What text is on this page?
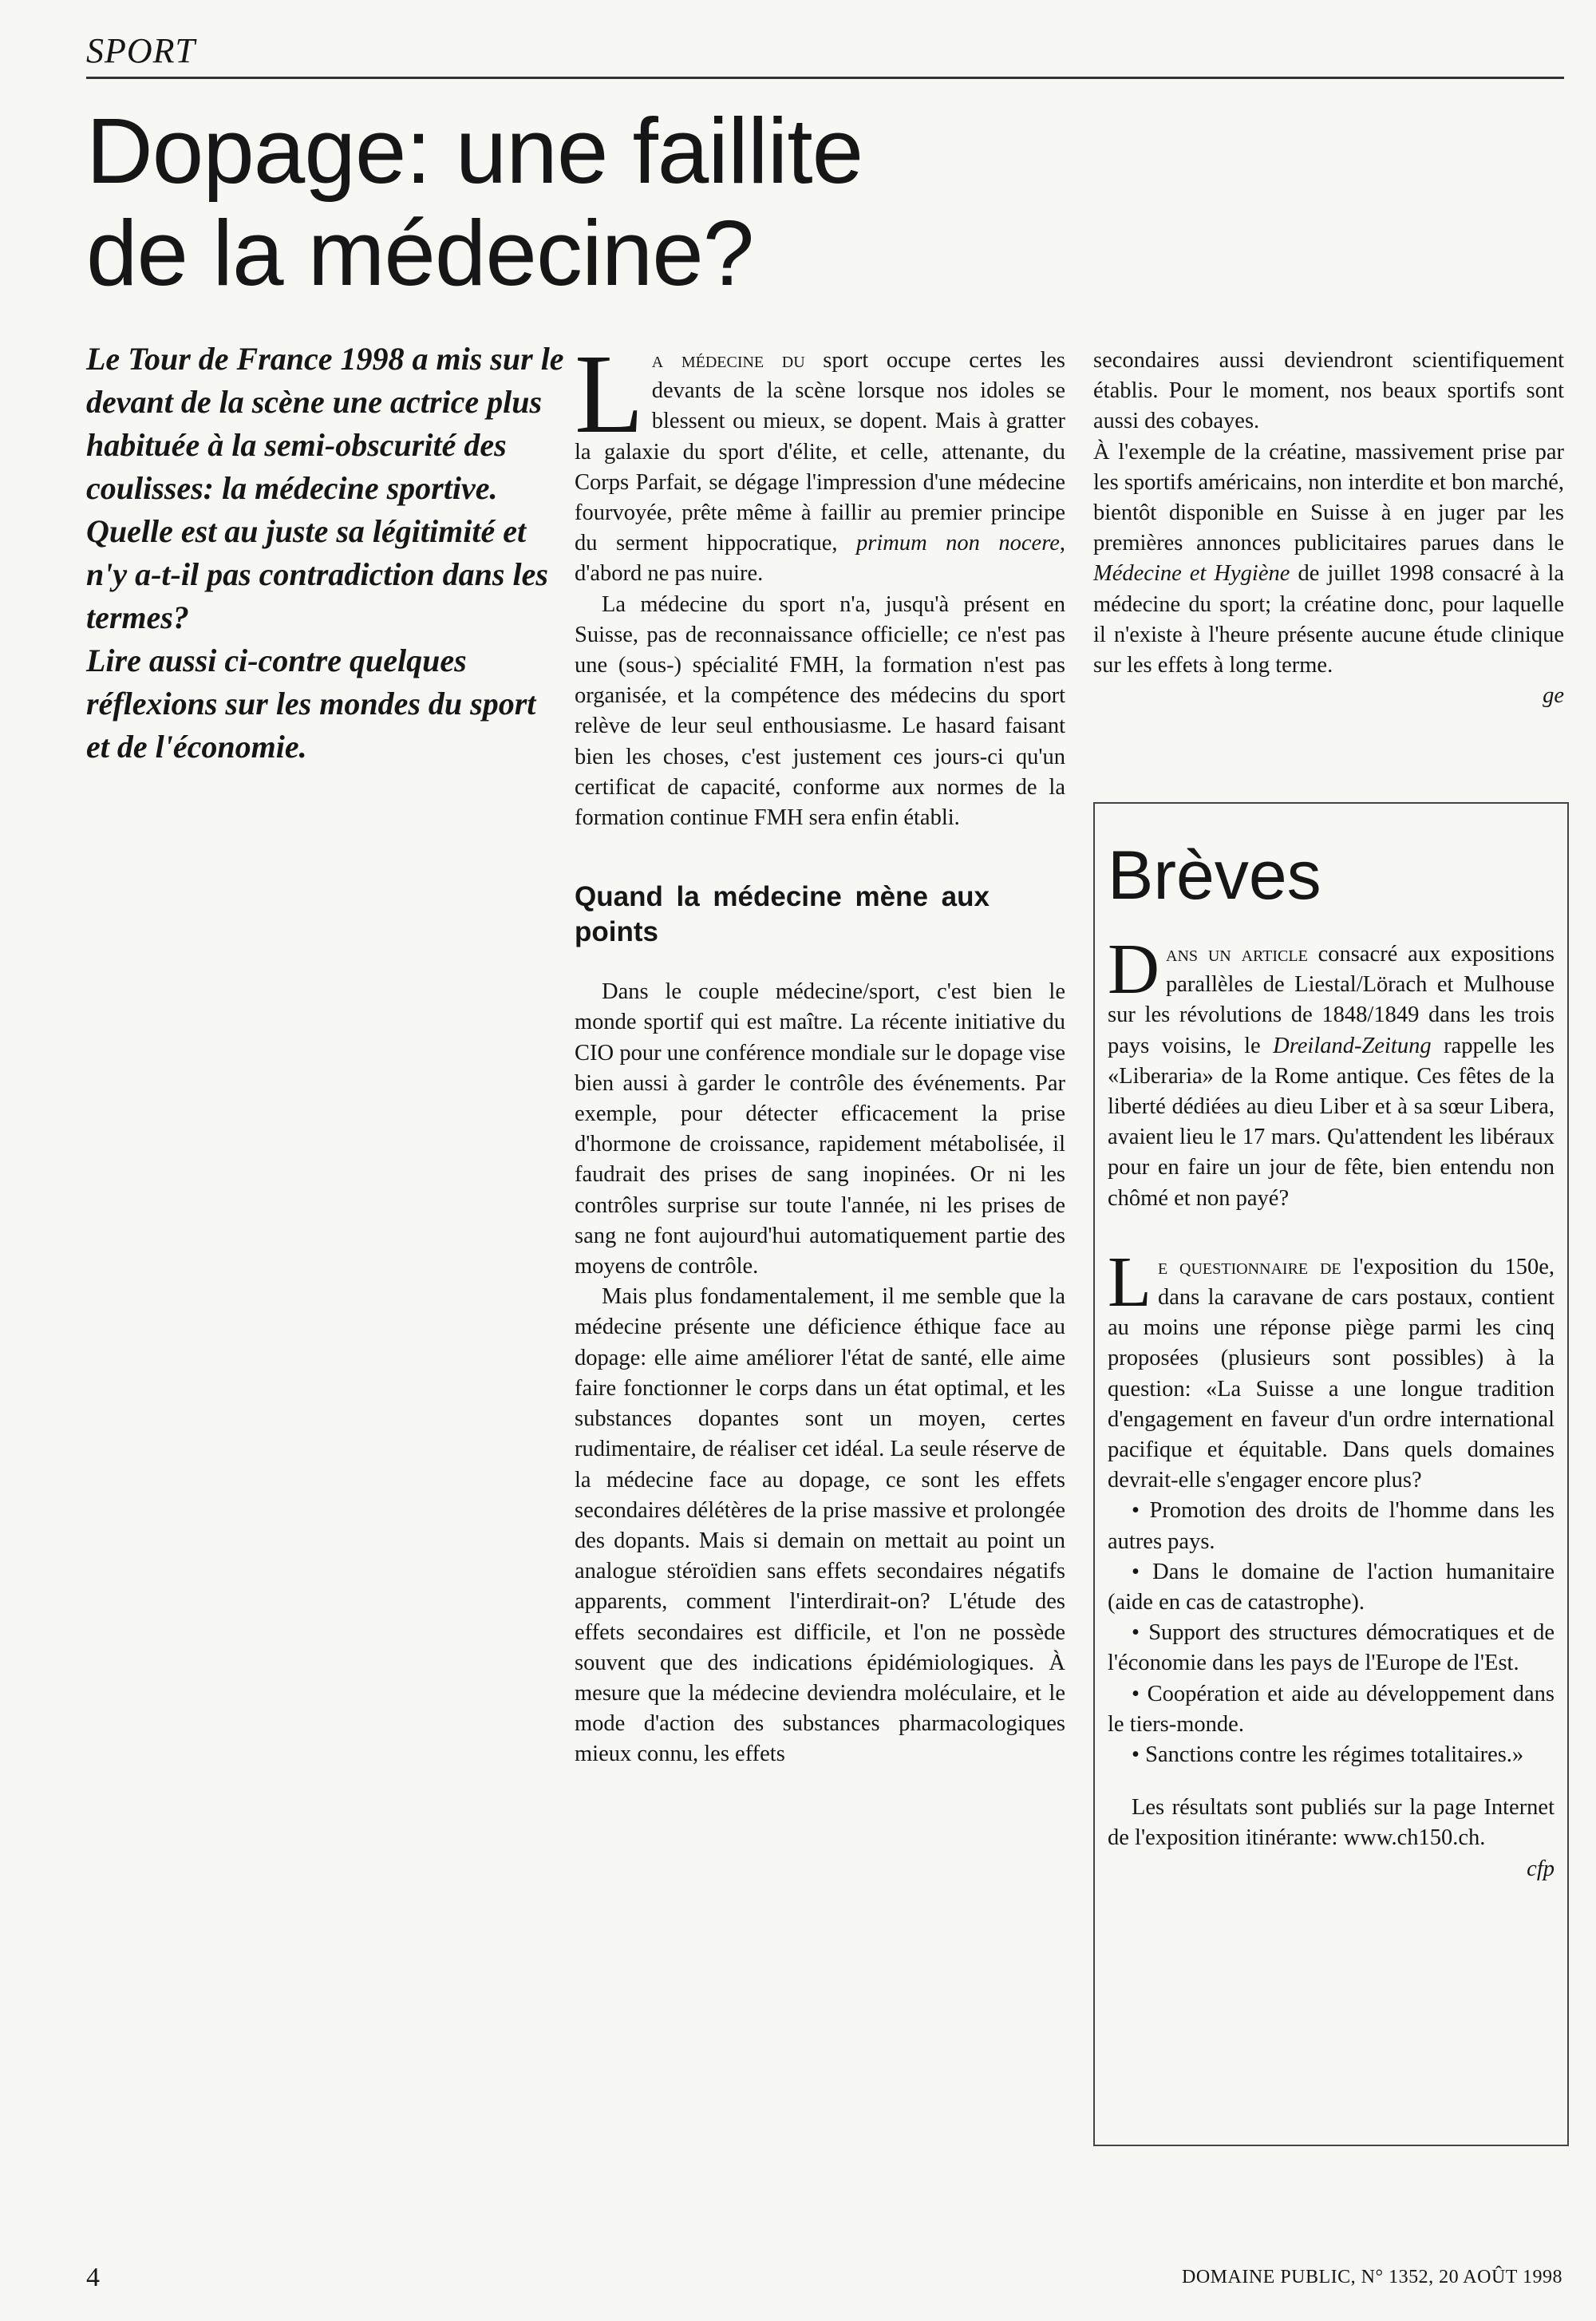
SPORT
Dopage: une faillite
de la médecine?

Le Tour de France 1998 a mis sur le devant de la scène une actrice plus habituée à la semi-obscurité des coulisses: la médecine sportive.

Quelle est au juste sa légitimité et n'y a-t-il pas contradiction dans les termes?

Lire aussi ci-contre quelques réflexions sur les mondes du sport et de l'économie.

La médecine du sport occupe certes les devants de la scène lorsque nos idoles se blessent ou mieux, se dopent. Mais à gratter la galaxie du sport d'élite, et celle, attenante, du Corps Parfait, se dégage l'impression d'une médecine fourvoyée, prête même à faillir au premier principe du serment hippocratique, primum non nocere, d'abord ne pas nuire.

La médecine du sport n'a, jusqu'à présent en Suisse, pas de reconnaissance officielle; ce n'est pas une (sous-) spécialité FMH, la formation n'est pas organisée, et la compétence des médecins du sport relève de leur seul enthousiasme. Le hasard faisant bien les choses, c'est justement ces jours-ci qu'un certificat de capacité, conforme aux normes de la formation continue FMH sera enfin établi.

Quand la médecine mène aux points

Dans le couple médecine/sport, c'est bien le monde sportif qui est maître. La récente initiative du CIO pour une conférence mondiale sur le dopage vise bien aussi à garder le contrôle des événements. Par exemple, pour détecter efficacement la prise d'hormone de croissance, rapidement métabolisée, il faudrait des prises de sang inopinées. Or ni les contrôles surprise sur toute l'année, ni les prises de sang ne font aujourd'hui automatiquement partie des moyens de contrôle.

Mais plus fondamentalement, il me semble que la médecine présente une déficience éthique face au dopage: elle aime améliorer l'état de santé, elle aime faire fonctionner le corps dans un état optimal, et les substances dopantes sont un moyen, certes rudimentaire, de réaliser cet idéal. La seule réserve de la médecine face au dopage, ce sont les effets secondaires délétères de la prise massive et prolongée des dopants. Mais si demain on mettait au point un analogue stéroïdien sans effets secondaires négatifs apparents, comment l'interdirait-on? L'étude des effets secondaires est difficile, et l'on ne possède souvent que des indications épidémiologiques. À mesure que la médecine deviendra moléculaire, et le mode d'action des substances pharmacologiques mieux connu, les effets

secondaires aussi deviendront scientifiquement établis. Pour le moment, nos beaux sportifs sont aussi des cobayes.

À l'exemple de la créatine, massivement prise par les sportifs américains, non interdite et bon marché, bientôt disponible en Suisse à en juger par les premières annonces publicitaires parues dans le Médecine et Hygiène de juillet 1998 consacré à la médecine du sport; la créatine donc, pour laquelle il n'existe à l'heure présente aucune étude clinique sur les effets à long terme.

ge
Brèves

Dans un article consacré aux expositions parallèles de Liestal/Lörach et Mulhouse sur les révolutions de 1848/1849 dans les trois pays voisins, le Dreiland-Zeitung rappelle les «Liberaria» de la Rome antique. Ces fêtes de la liberté dédiées au dieu Liber et à sa sœur Libera, avaient lieu le 17 mars. Qu'attendent les libéraux pour en faire un jour de fête, bien entendu non chômé et non payé?

Le questionnaire de l'exposition du 150e, dans la caravane de cars postaux, contient au moins une réponse piège parmi les cinq proposées (plusieurs sont possibles) à la question: «La Suisse a une longue tradition d'engagement en faveur d'un ordre international pacifique et équitable. Dans quels domaines devrait-elle s'engager encore plus?

• Promotion des droits de l'homme dans les autres pays.

• Dans le domaine de l'action humanitaire (aide en cas de catastrophe).

• Support des structures démocratiques et de l'économie dans les pays de l'Europe de l'Est.

• Coopération et aide au développement dans le tiers-monde.

• Sanctions contre les régimes totalitaires.»

Les résultats sont publiés sur la page Internet de l'exposition itinérante: www.ch150.ch.

cfp
4	DOMAINE PUBLIC, N° 1352, 20 AOÛT 1998
